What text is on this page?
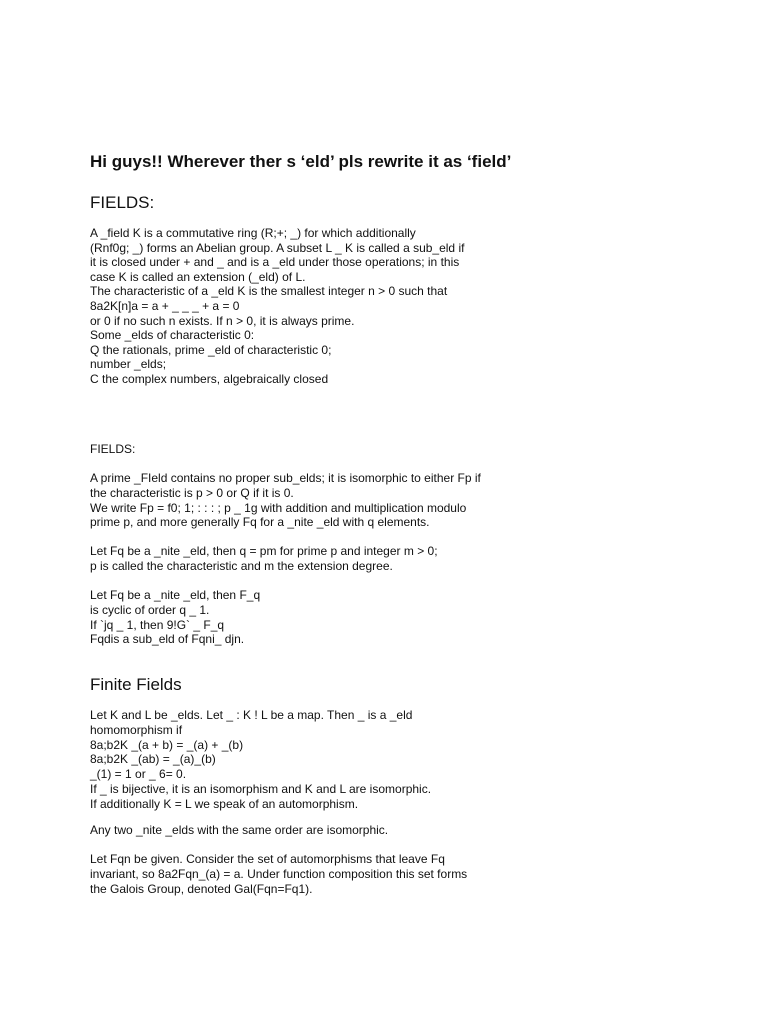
Hi guys!! Wherever ther s ‘eld’ pls rewrite it as ‘field’
FIELDS:
A _field K is a commutative ring (R;+; _) for which additionally
(Rnf0g; _) forms an Abelian group. A subset L _ K is called a sub_eld if
it is closed under + and _ and is a _eld under those operations; in this
case K is called an extension (_eld) of L.
The characteristic of a _eld K is the smallest integer n > 0 such that
8a2K[n]a = a + _ _ _ + a = 0
or 0 if no such n exists. If n > 0, it is always prime.
Some _elds of characteristic 0:
Q the rationals, prime _eld of characteristic 0;
number _elds;
C the complex numbers, algebraically closed
FIELDS:
A prime _FIeld contains no proper sub_elds; it is isomorphic to either Fp if
the characteristic is p > 0 or Q if it is 0.
We write Fp = f0; 1; : : : ; p _ 1g with addition and multiplication modulo
prime p, and more generally Fq for a _nite _eld with q elements.
Let Fq be a _nite _eld, then q = pm for prime p and integer m > 0;
p is called the characteristic and m the extension degree.
Let Fq be a _nite _eld, then F_q
is cyclic of order q _ 1.
If `jq _ 1, then 9!G` _ F_q
Fqdis a sub_eld of Fqni_ djn.
Finite Fields
Let K and L be _elds. Let _ : K ! L be a map. Then _ is a _eld
homomorphism if
8a;b2K _(a + b) = _(a) + _(b)
8a;b2K _(ab) = _(a)_(b)
_(1) = 1 or _ 6= 0.
If _ is bijective, it is an isomorphism and K and L are isomorphic.
If additionally K = L we speak of an automorphism.
Any two _nite _elds with the same order are isomorphic.
Let Fqn be given. Consider the set of automorphisms that leave Fq
invariant, so 8a2Fqn_(a) = a. Under function composition this set forms
the Galois Group, denoted Gal(Fqn=Fq1).
